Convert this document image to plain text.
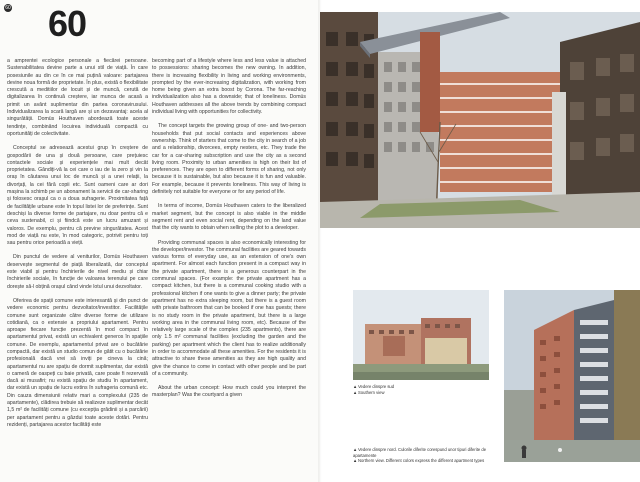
60 60

a amprentei ecologice personale a fiecărei persoane. Sustenabilitatea devine parte a unui stil de viață. În care posesiunile au din ce în ce mai puțină valoare: partajarea devine noua formă de proprietate. În plus, există o flexibilitate crescută a meditiilor de locuit și de muncă, cerută de digitalizarea în continuă creștere, iar munca de acasă a primit un avânt suplimentar din partea coronavirusului. Individualizarea la scară largă are și un dezavantaj: acela al singurătății. Domüs Houthaven abordează toate aceste tendințe, combinând locuirea individuală compactă cu oportunități de colectivitate.

Conceptul se adresează acestui grup în creștere de gospodării de una și două persoane, care prețuiesc contactele sociale și experiențele mai mult decât proprietatea. Gândiți-vă la cei care o iau de la zero și vin la oraș în căutarea unui loc de muncă și a unei relații, la divorțați, la cei fără copii etc. Sunt oameni care ar dori mașina la schimb pe un abonament la servicii de car-sharing și folosesc orașul ca o a doua sufragerie. Proximitatea față de facilitățile urbane este în topul listei lor de preferințe. Sunt deschiși la diverse forme de partajare, nu doar pentru că e ceva sustenabil, ci și fiindcă este un lucru amuzant și valoros. De exemplu, pentru că previne singurătatea. Acest mod de viață nu este, în mod categoric, potrivit pentru toți sau pentru orice perioadă a vieții.

Din punctul de vedere al veniturilor, Domüs Houthaven deservește segmentul de piață liberalizată, dar conceptul este viabil și pentru închirierile de nivel mediu și chiar închirierile sociale, în funcție de valoarea terenului pe care dorește să-l obțină orașul când vinde lotul unui dezvoltator.

Oferirea de spații comune este interesantă și din punct de vedere economic pentru dezvoltator/investitor. Facilitățile comune sunt organizate către diverse forme de utilizare cotidiană, ca o extensie a propriului apartament. Pentru aproape fiecare funcție prezentă în mod compact în apartamentul privat, există un echivalent generos în spațiile comune. De exemplu, apartamentul privat are o bucătărie compactă, dar există un studio comun de gătit cu o bucătărie profesională dacă vrei să inviți pe cineva la cină; apartamentul nu are spațiu de dormit suplimentar, dar există o cameră de oaspeți cu baie privată, care poate fi rezervată dacă ai musafiri; nu există spațiu de studiu în apartament, dar există un spațiu de lucru extins în sufrageria comună etc. Din cauza dimensiunii relativ mari a complexului (235 de apartamente), clădirea trebuie să realizeze suplimentar decât 1,5 m² de facilități comune (cu excepția grădinii și a parcării) per apartament pentru a găzdui toate aceste dotări. Pentru rezidenți, partajarea acestor facilități este

becoming part of a lifestyle where less and less value is attached to possessions: sharing becomes the new owning. In addition, there is increasing flexibility in living and working environments, prompted by the ever-increasing digitalization, with working from home being given an extra boost by Corona. The far-reaching individualization also has a downside; that of loneliness. Domüs Houthaven addresses all the above trends by combining compact individual living with opportunities for collectivity.

The concept targets the growing group of one- and two-person households that put social contacts and experiences above ownership. Think of starters that come to the city in search of a job and a relationship, divorcees, empty nesters, etc. They trade the car for a car-sharing subscription and use the city as a second living room. Proximity to urban amenities is high on their list of preferences. They are open to different forms of sharing, not only because it is sustainable, but also because it is fun and valuable. For example, because it prevents loneliness. This way of living is definitely not suitable for everyone or for any period of life.

In terms of income, Domüs Houthaven caters to the liberalized market segment, but the concept is also viable in the middle segment rent and even social rent, depending on the land value that the city wants to obtain when selling the plot to a developer.

Providing communal spaces is also economically interesting for the developer/investor. The communal facilities are geared towards various forms of everyday use, as an extension of one's own apartment. For almost each function present in a compact way in the private apartment, there is a generous counterpart in the communal spaces. (For example: the private apartment has a compact kitchen, but there is a communal cooking studio with a professional kitchen if one wants to give a dinner party; the private apartment has no extra sleeping room, but there is a guest room with private bathroom that can be booked if one has guests; there is no study room in the private apartment, but there is a large working area in the communal living room, etc). Because of the relatively large scale of the complex (235 apartments), there are only 1.5 m² communal facilities (excluding the garden and the parking) per apartment which the client has to realize additionally in order to accommodate all these amenities. For the residents it is attractive to share these amenities as they are high quality and give the chance to come in contact with other people and be part of a community.

About the urban concept: How much could you interpret the masterplan? Was the courtyard a given

▲Vedere dinspre sud
▲Southern view
▲Vedere dinspre nord. Culorile diferite corespund unor tipuri diferite de apartamente
▲Northern view. Different colors express the different apartment types
